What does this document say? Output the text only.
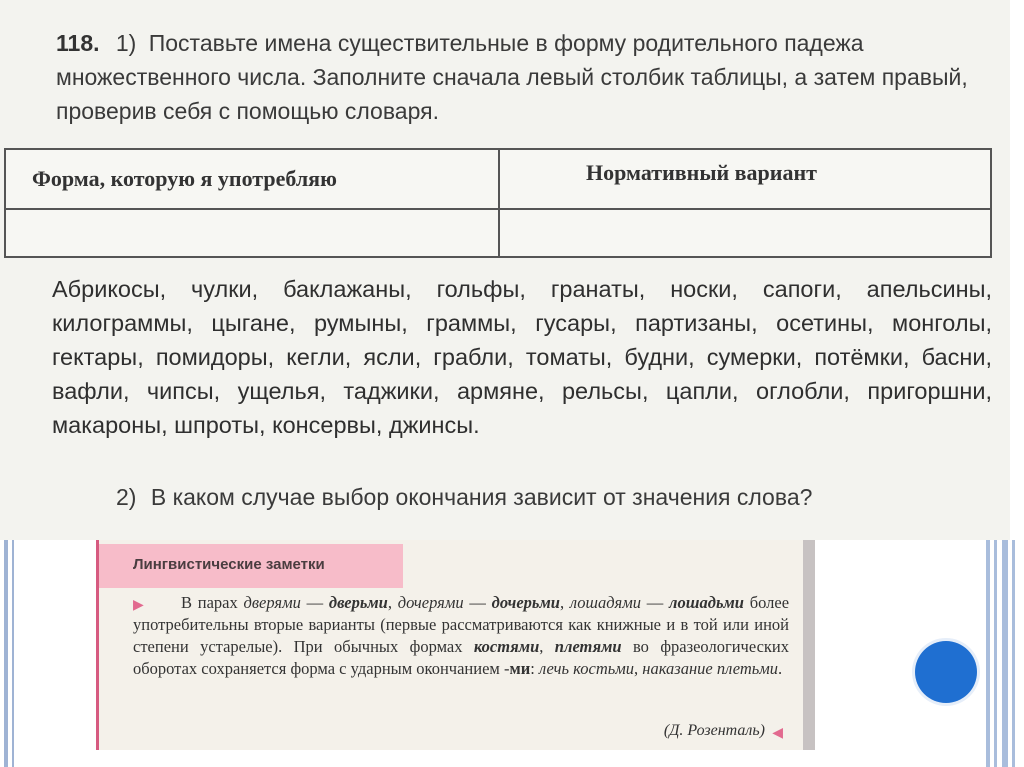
118. 1) Поставьте имена существительные в форму родительного падежа множественного числа. Заполните сначала левый столбик таблицы, а затем правый, проверив себя с помощью словаря.
Форма, которую я употребляю	Нормативный вариант
Абрикосы, чулки, баклажаны, гольфы, гранаты, носки, сапоги, апельсины, килограммы, цыгане, румыны, граммы, гусары, партизаны, осетины, монголы, гектары, помидоры, кегли, ясли, грабли, томаты, будни, сумерки, потёмки, басни, вафли, чипсы, ущелья, таджики, армяне, рельсы, цапли, оглобли, пригоршни, макароны, шпроты, консервы, джинсы.
2) В каком случае выбор окончания зависит от значения слова?
Лингвистические заметки
▶	В парах дверями — дверьми, дочерями — дочерьми, лошадями — лошадьми более употребительны вторые варианты (первые рассматриваются как книжные и в той или иной степени устарелые). При обычных формах костями, плетями во фразеологических оборотах сохраняется форма с ударным окончанием -ми: лечь костьми, наказание плетьми.
(Д. Розенталь) ◀
